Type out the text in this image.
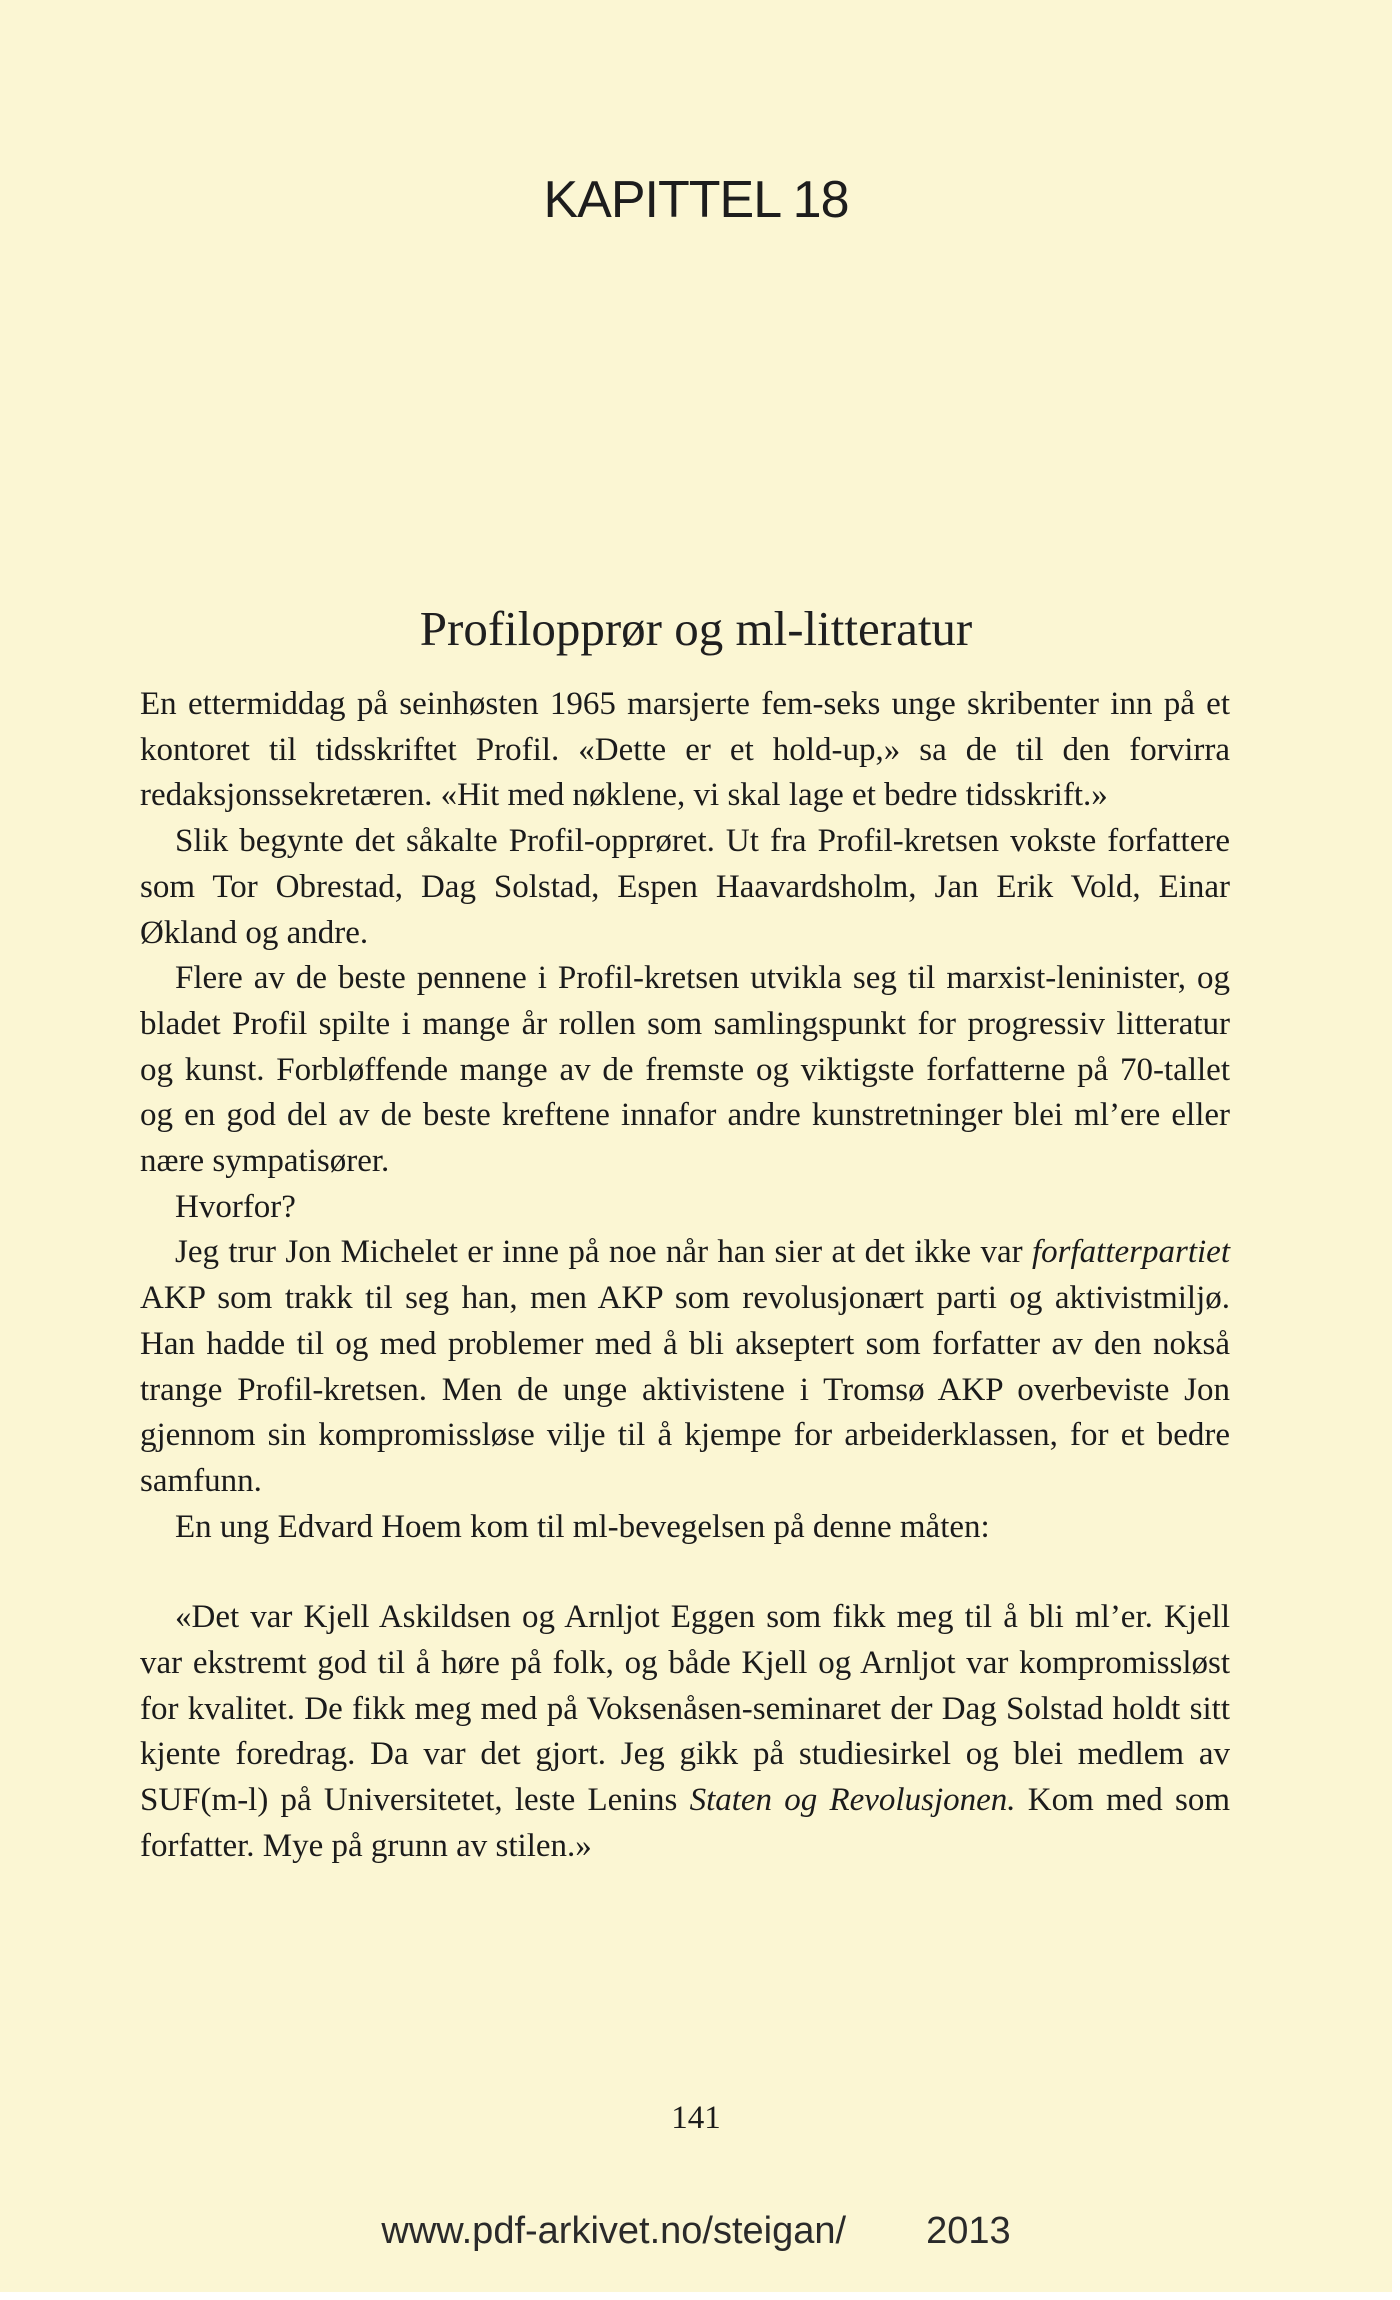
KAPITTEL 18
Profilopprør og ml-litteratur

En ettermiddag på seinhøsten 1965 marsjerte fem-seks unge skribenter inn på et kontoret til tidsskriftet Profil. «Dette er et hold-up,» sa de til den forvirra redaksjonssekretæren. «Hit med nøklene, vi skal lage et bedre tidsskrift.»

Slik begynte det såkalte Profil-opprøret. Ut fra Profil-kretsen vokste forfattere som Tor Obrestad, Dag Solstad, Espen Haavardsholm, Jan Erik Vold, Einar Økland og andre.

Flere av de beste pennene i Profil-kretsen utvikla seg til marxist-leninister, og bladet Profil spilte i mange år rollen som samlingspunkt for progressiv litteratur og kunst. Forbløffende mange av de fremste og viktigste forfatterne på 70-tallet og en god del av de beste kreftene innafor andre kunstretninger blei ml’ere eller nære sympatisører.

Hvorfor?

Jeg trur Jon Michelet er inne på noe når han sier at det ikke var forfatterpartiet AKP som trakk til seg han, men AKP som revolusjonært parti og aktivistmiljø. Han hadde til og med problemer med å bli akseptert som forfatter av den nokså trange Profil-kretsen. Men de unge aktivistene i Tromsø AKP overbeviste Jon gjennom sin kompromissløse vilje til å kjempe for arbeiderklassen, for et bedre samfunn.

En ung Edvard Hoem kom til ml-bevegelsen på denne måten:

«Det var Kjell Askildsen og Arnljot Eggen som fikk meg til å bli ml’er. Kjell var ekstremt god til å høre på folk, og både Kjell og Arnljot var kompromissløst for kvalitet. De fikk meg med på Voksenåsen-seminaret der Dag Solstad holdt sitt kjente foredrag. Da var det gjort. Jeg gikk på studiesirkel og blei medlem av SUF(m-l) på Universitetet, leste Lenins Staten og Revolusjonen. Kom med som forfatter. Mye på grunn av stilen.»
141
www.pdf-arkivet.no/steigan/ 2013
